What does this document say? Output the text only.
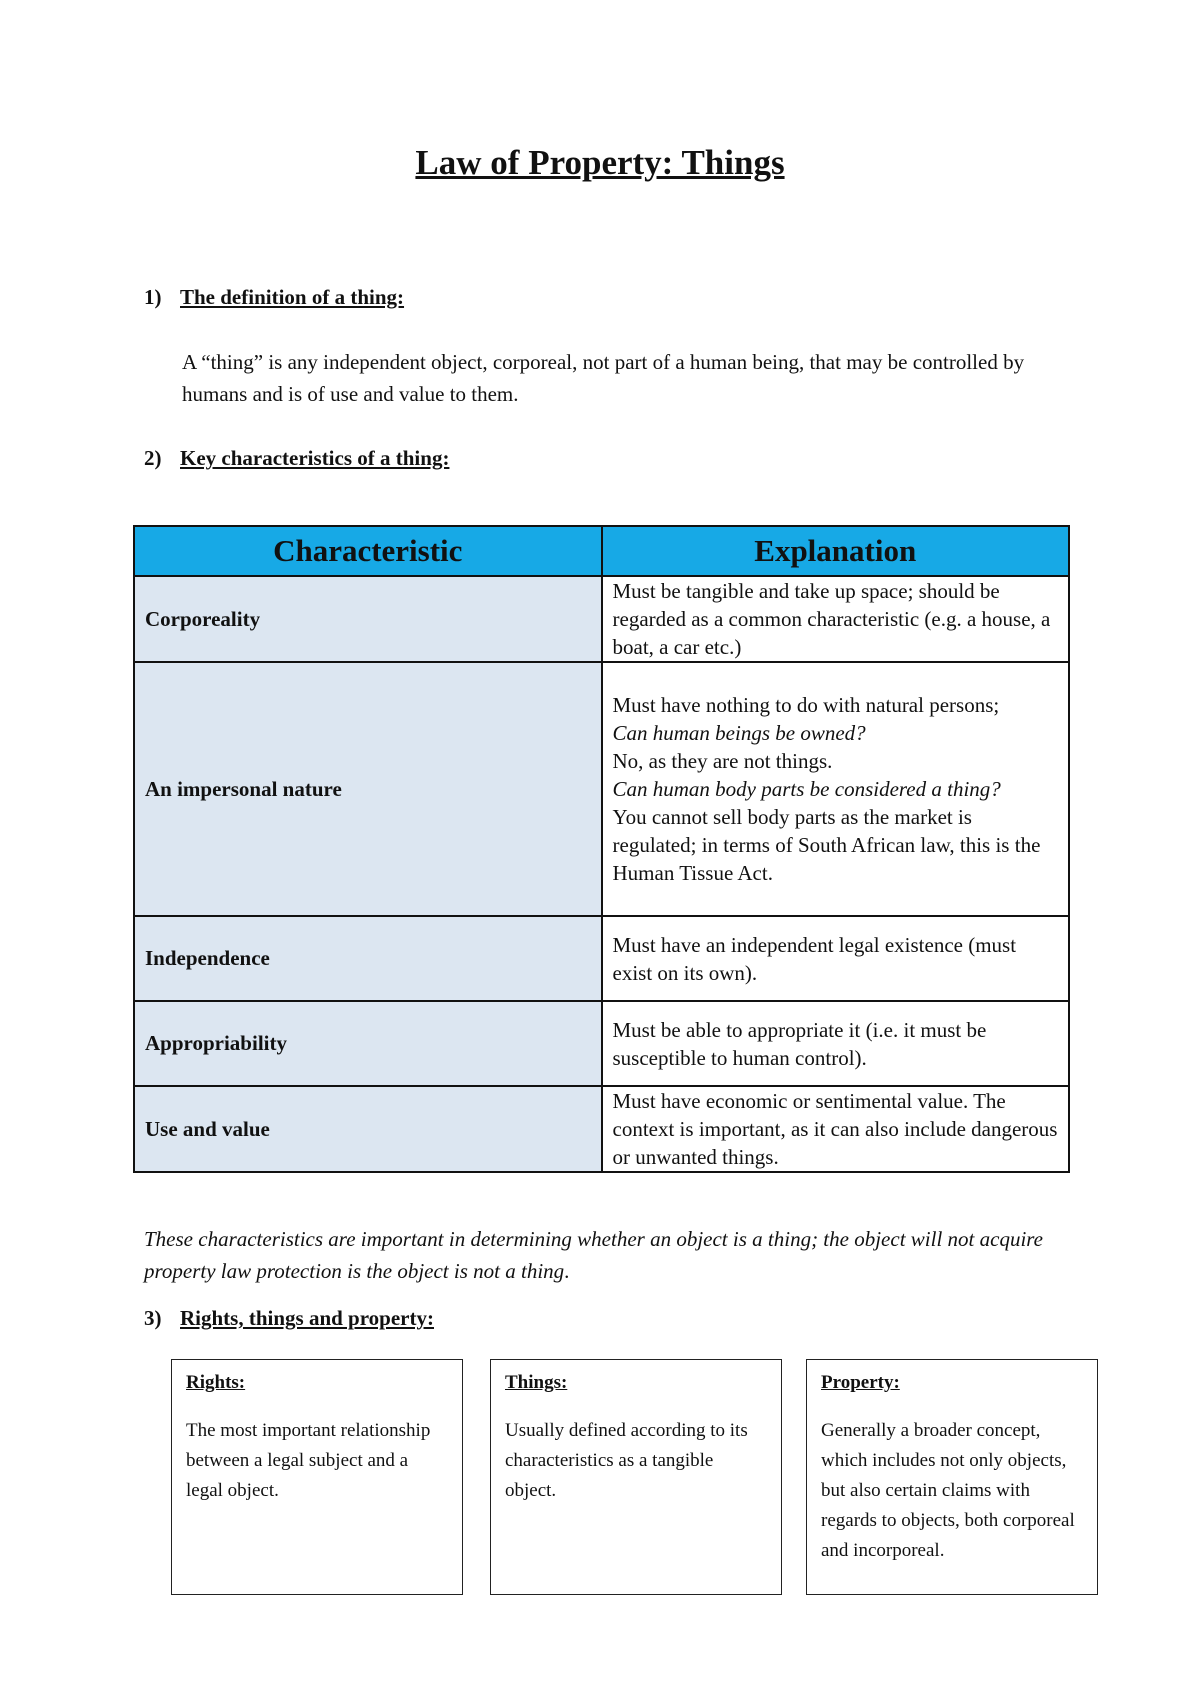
Law of Property: Things
1) The definition of a thing:

A “thing” is any independent object, corporeal, not part of a human being, that may be controlled by humans and is of use and value to them.

2) Key characteristics of a thing:
Characteristic	Explanation
Corporeality	Must be tangible and take up space; should be regarded as a common characteristic (e.g. a house, a boat, a car etc.)

An impersonal nature	Must have nothing to do with natural persons;
Can human beings be owned?
No, as they are not things.
Can human body parts be considered a thing?
You cannot sell body parts as the market is regulated; in terms of South African law, this is the Human Tissue Act.

Independence	Must have an independent legal existence (must exist on its own).

Appropriability	Must be able to appropriate it (i.e. it must be susceptible to human control).

Use and value	Must have economic or sentimental value. The context is important, as it can also include dangerous or unwanted things.

These characteristics are important in determining whether an object is a thing; the object will not acquire property law protection is the object is not a thing.

3) Rights, things and property:
Rights:
The most important relationship between a legal subject and a legal object.
Things:
Usually defined according to its characteristics as a tangible object.
Property:
Generally a broader concept, which includes not only objects, but also certain claims with regards to objects, both corporeal and incorporeal.
